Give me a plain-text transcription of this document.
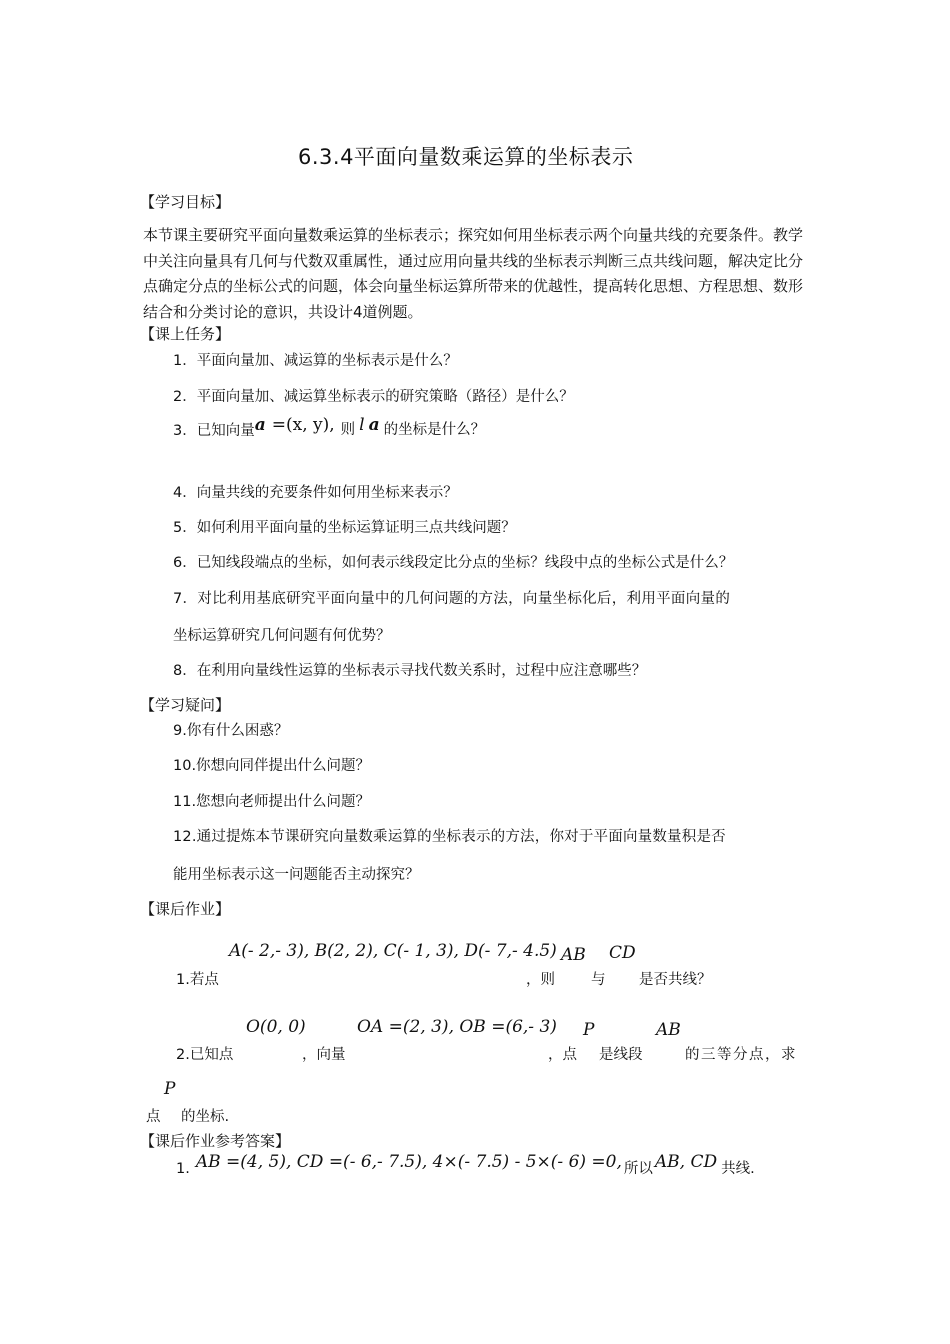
6.3.4平面向量数乘运算的坐标表示
【学习目标】
本节课主要研究平面向量数乘运算的坐标表示；探究如何用坐标表示两个向量共线的充要条件。教学中关注向量具有几何与代数双重属性，通过应用向量共线的坐标表示判断三点共线问题，解决定比分点确定分点的坐标公式的问题，体会向量坐标运算所带来的优越性，提高转化思想、方程思想、数形结合和分类讨论的意识，共设计4道例题。
【课上任务】
1．平面向量加、减运算的坐标表示是什么？
2．平面向量加、减运算坐标表示的研究策略（路径）是什么？
3．已知向量a =(x, y), 则 l a 的坐标是什么？
4．向量共线的充要条件如何用坐标来表示？
5．如何利用平面向量的坐标运算证明三点共线问题？
6．已知线段端点的坐标，如何表示线段定比分点的坐标？线段中点的坐标公式是什么？
7．对比利用基底研究平面向量中的几何问题的方法，向量坐标化后，利用平面向量的
坐标运算研究几何问题有何优势？
8．在利用向量线性运算的坐标表示寻找代数关系时，过程中应注意哪些？
【学习疑问】
9.你有什么困惑？
10.你想向同伴提出什么问题？
11.您想向老师提出什么问题？
12.通过提炼本节课研究向量数乘运算的坐标表示的方法，你对于平面向量数量积是否
能用坐标表示这一问题能否主动探究？
【课后作业】
A(- 2,- 3), B(2, 2), C(- 1, 3), D(- 7,- 4.5) AB CD
1.若点	，则 与 是否共线？
O(0, 0)	OA =(2, 3), OB =(6,- 3) P	AB
2.已知点	，向量	，点 是线段	的三等分点，求
P
点 的坐标.
【课后作业参考答案】
1. AB =(4, 5), CD =(- 6,- 7.5), 4×(- 7.5) - 5×(- 6) =0, 所以 AB, CD 共线.
